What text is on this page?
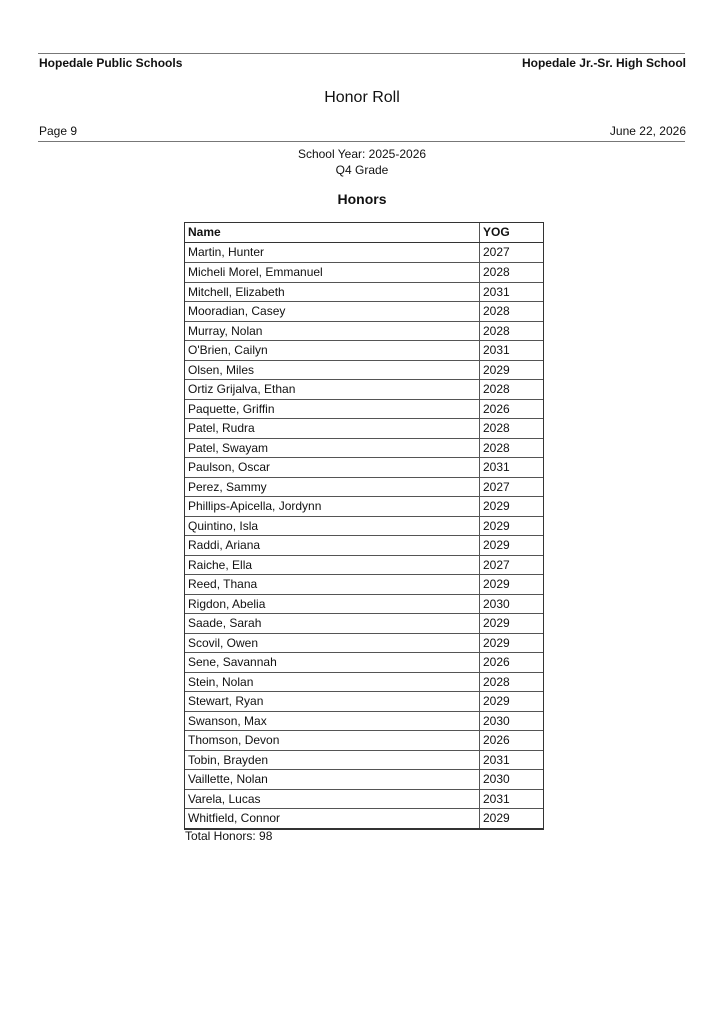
Hopedale Public Schools	Hopedale Jr.-Sr. High School
Honor Roll
Page 9	June 22, 2026
School Year: 2025-2026
Q4 Grade
Honors
Name	YOG
Martin, Hunter	2027
Micheli Morel, Emmanuel	2028
Mitchell, Elizabeth	2031
Mooradian, Casey	2028
Murray, Nolan	2028
O'Brien, Cailyn	2031
Olsen, Miles	2029
Ortiz Grijalva, Ethan	2028
Paquette, Griffin	2026
Patel, Rudra	2028
Patel, Swayam	2028
Paulson, Oscar	2031
Perez, Sammy	2027
Phillips-Apicella, Jordynn	2029
Quintino, Isla	2029
Raddi, Ariana	2029
Raiche, Ella	2027
Reed, Thana	2029
Rigdon, Abelia	2030
Saade, Sarah	2029
Scovil, Owen	2029
Sene, Savannah	2026
Stein, Nolan	2028
Stewart, Ryan	2029
Swanson, Max	2030
Thomson, Devon	2026
Tobin, Brayden	2031
Vaillette, Nolan	2030
Varela, Lucas	2031
Whitfield, Connor	2029
Total Honors: 98
